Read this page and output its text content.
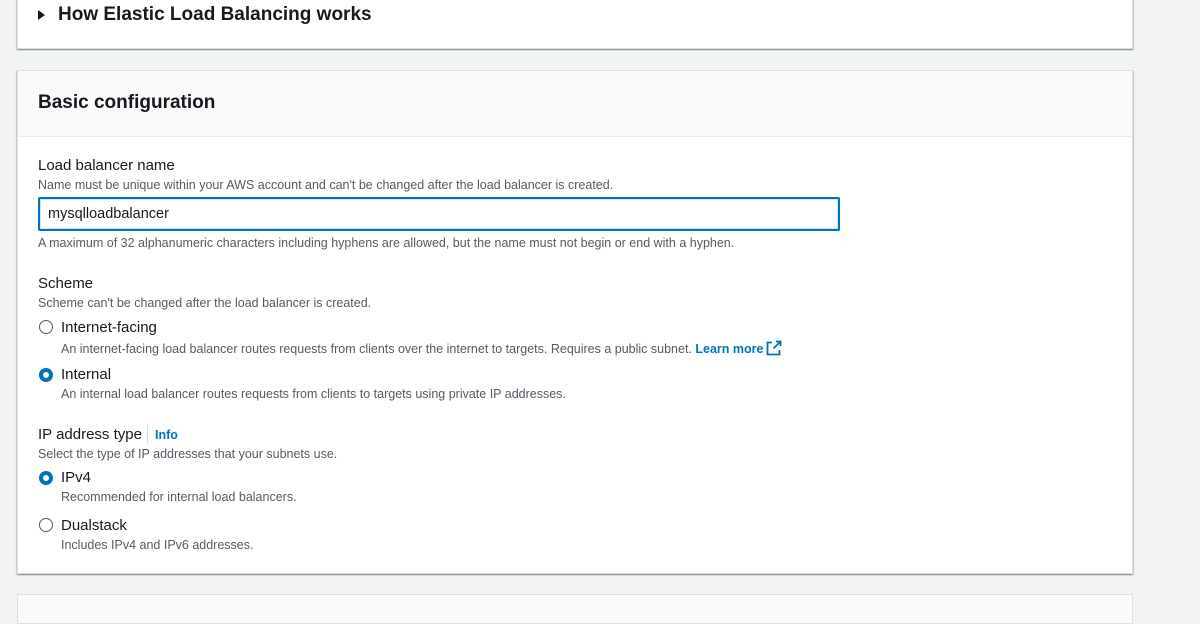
How Elastic Load Balancing works
Basic configuration
Load balancer name
Name must be unique within your AWS account and can't be changed after the load balancer is created.
mysqlloadbalancer
A maximum of 32 alphanumeric characters including hyphens are allowed, but the name must not begin or end with a hyphen.
Scheme
Scheme can't be changed after the load balancer is created.
Internet-facing
An internet-facing load balancer routes requests from clients over the internet to targets. Requires a public subnet. Learn more
Internal
An internal load balancer routes requests from clients to targets using private IP addresses.
IP address type Info
Select the type of IP addresses that your subnets use.
IPv4
Recommended for internal load balancers.
Dualstack
Includes IPv4 and IPv6 addresses.
